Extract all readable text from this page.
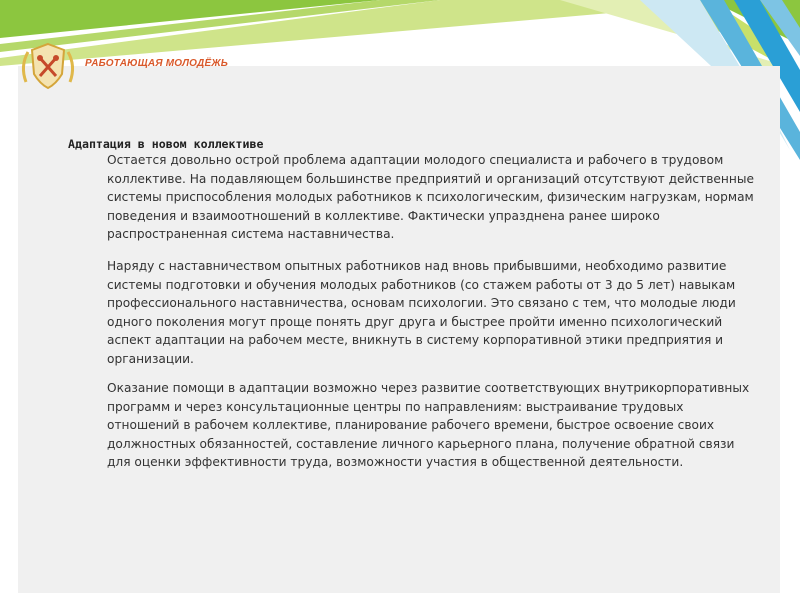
РАБОТАЮЩАЯ МОЛОДЁЖЬ
Адаптация в новом коллективе

Остается довольно острой проблема адаптации молодого специалиста и рабочего в трудовом коллективе. На подавляющем большинстве предприятий и организаций отсутствуют действенные системы приспособления молодых работников к психологическим, физическим нагрузкам, нормам поведения и взаимоотношений в коллективе. Фактически упразднена ранее широко распространенная система наставничества.

Наряду с наставничеством опытных работников над вновь прибывшими, необходимо развитие системы подготовки и обучения молодых работников (со стажем работы от 3 до 5 лет) навыкам профессионального наставничества, основам психологии. Это связано с тем, что молодые люди одного поколения могут проще понять друг друга и быстрее пройти именно психологический аспект адаптации на рабочем месте, вникнуть в систему корпоративной этики предприятия и организации.

Оказание помощи в адаптации возможно через развитие соответствующих внутрикорпоративных программ и через консультационные центры по направлениям: выстраивание трудовых отношений в рабочем коллективе, планирование рабочего времени, быстрое освоение своих должностных обязанностей, составление личного карьерного плана, получение обратной связи для оценки эффективности труда, возможности участия в общественной деятельности.
